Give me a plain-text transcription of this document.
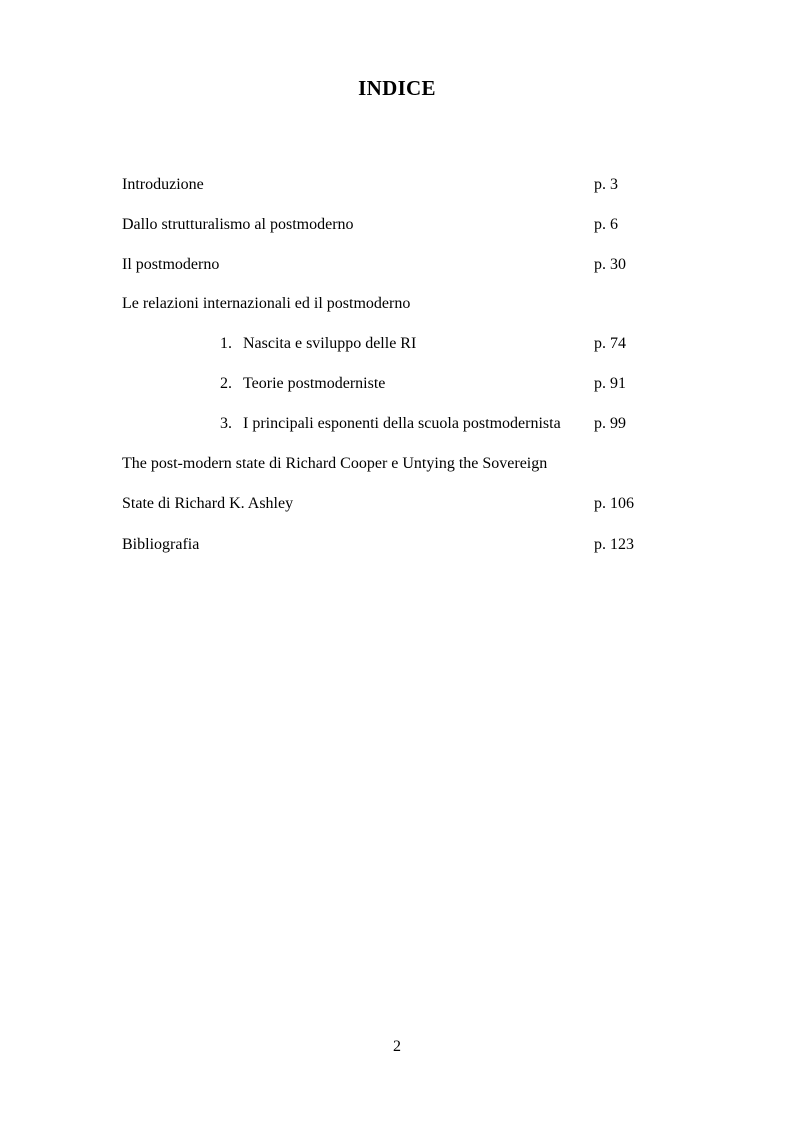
INDICE
Introduzione	p. 3
Dallo strutturalismo al postmoderno	p. 6
Il postmoderno	p. 30
Le relazioni internazionali ed il postmoderno
1. Nascita e sviluppo delle RI	p. 74
2. Teorie postmoderniste	p. 91
3. I principali esponenti della scuola postmodernista p. 99
The post-modern state di Richard Cooper e Untying the Sovereign
State di Richard K. Ashley	p. 106
Bibliografia	p. 123
2
